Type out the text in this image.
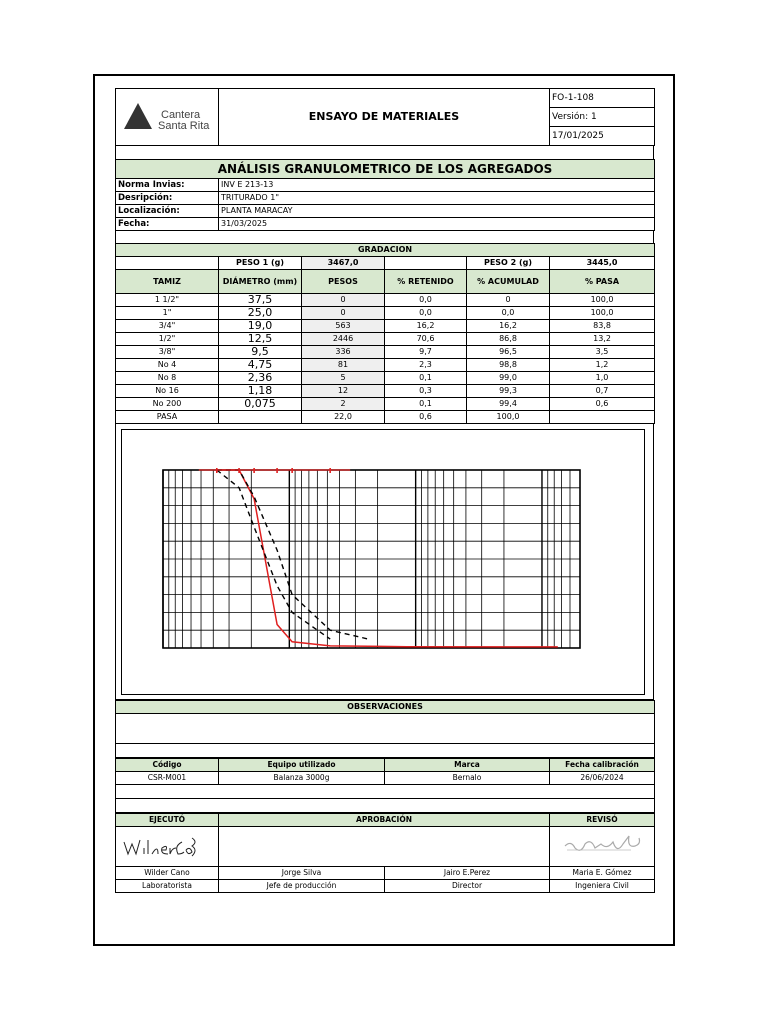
Cantera
Santa Rita
	ENSAYO DE MATERIALES	FO-1-108
Versión: 1
17/01/2025
ANÁLISIS GRANULOMETRICO DE LOS AGREGADOS	
Norma Invias:	INV E 213-13
Desripción:	TRITURADO 1"
Localización:	PLANTA MARACAY
Fecha:	31/03/2025
GRADACION					
	PESO 1 (g)	3467,0		PESO 2 (g)	3445,0
TAMIZ	DIÁMETRO (mm)	PESOS	% RETENIDO	% ACUMULAD	% PASA
1 1/2"	37,5	0	0,0	0	100,0
1"	25,0	0	0,0	0,0	100,0
3/4"	19,0	563	16,2	16,2	83,8
1/2"	12,5	2446	70,6	86,8	13,2
3/8"	9,5	336	9,7	96,5	3,5
No 4	4,75	81	2,3	98,8	1,2
No 8	2,36	5	0,1	99,0	1,0
No 16	1,18	12	0,3	99,3	0,7
No 200	0,075	2	0,1	99,4	0,6
PASA		22,0	0,6	100,0	
OBSERVACIONES

Código	Equipo utilizado	Marca	Fecha calibración
CSR-M001	Balanza 3000g	Bernalo	26/06/2024

EJECUTÓ	APROBACIÓN		REVISÓ

Wilder Cano	Jorge Silva	Jairo E.Perez	Maria E. Gómez
Laboratorista	Jefe de producción	Director	Ingeniera Civil
